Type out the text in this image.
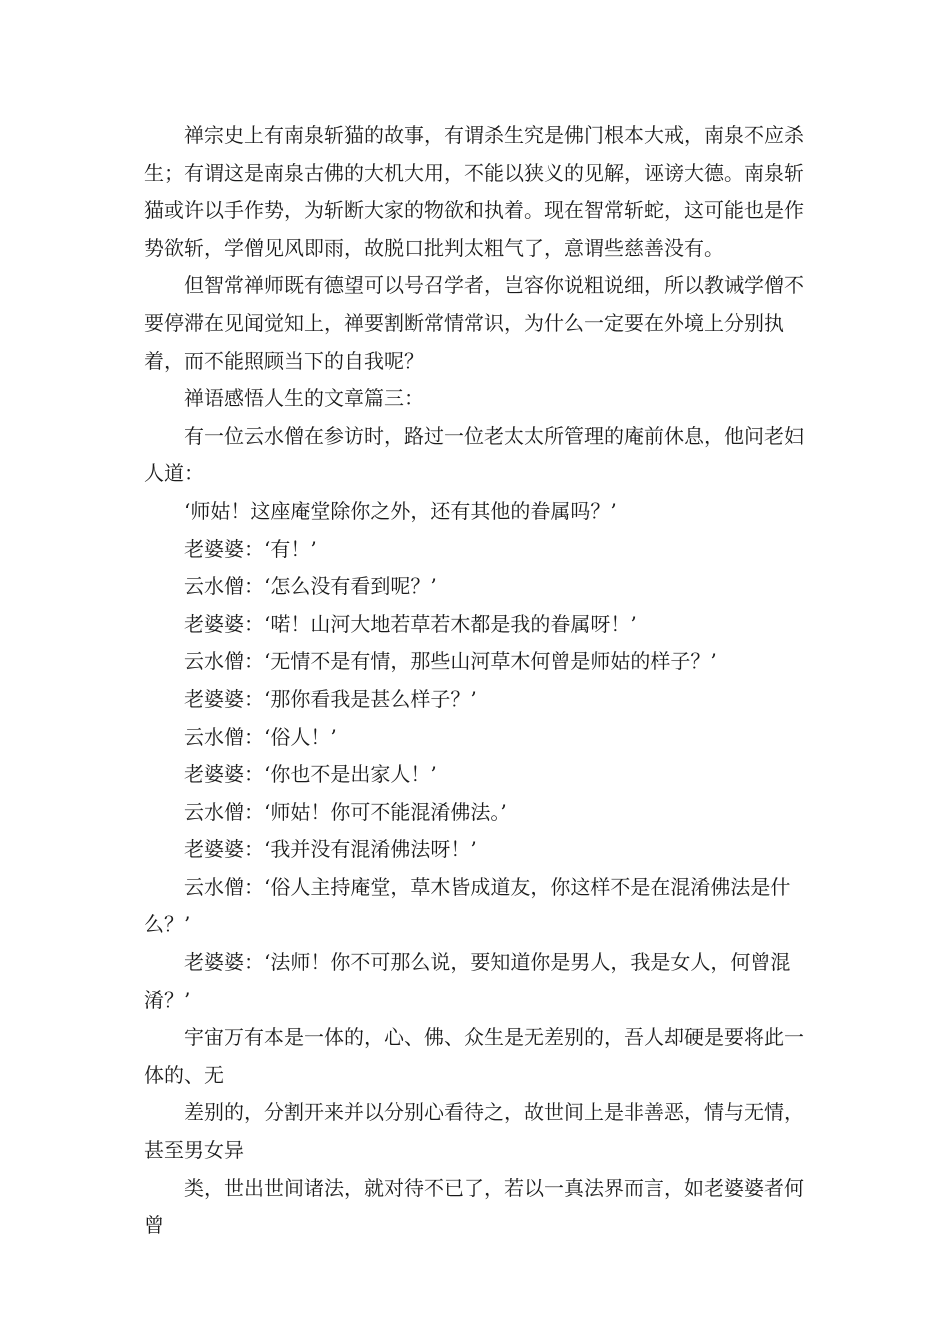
禅宗史上有南泉斩猫的故事，有谓杀生究是佛门根本大戒，南泉不应杀生；有谓这是南泉古佛的大机大用，不能以狭义的见解，诬谤大德。南泉斩猫或许以手作势，为斩断大家的物欲和执着。现在智常斩蛇，这可能也是作势欲斩，学僧见风即雨，故脱口批判太粗气了，意谓些慈善没有。

但智常禅师既有德望可以号召学者，岂容你说粗说细，所以教诫学僧不要停滞在见闻觉知上，禅要割断常情常识，为什么一定要在外境上分别执着，而不能照顾当下的自我呢？

禅语感悟人生的文章篇三：

有一位云水僧在参访时，路过一位老太太所管理的庵前休息，他问老妇人道：

‘师姑！这座庵堂除你之外，还有其他的眷属吗？’

老婆婆：‘有！’

云水僧：‘怎么没有看到呢？’

老婆婆：‘喏！山河大地若草若木都是我的眷属呀！’

云水僧：‘无情不是有情，那些山河草木何曾是师姑的样子？’

老婆婆：‘那你看我是甚么样子？’

云水僧：‘俗人！’

老婆婆：‘你也不是出家人！’

云水僧：‘师姑！你可不能混淆佛法。’

老婆婆：‘我并没有混淆佛法呀！’

云水僧：‘俗人主持庵堂，草木皆成道友，你这样不是在混淆佛法是什么？’

老婆婆：‘法师！你不可那么说，要知道你是男人，我是女人，何曾混淆？’

宇宙万有本是一体的，心、佛、众生是无差别的，吾人却硬是要将此一体的、无

差别的，分割开来并以分别心看待之，故世间上是非善恶，情与无情，甚至男女异

类，世出世间诸法，就对待不已了，若以一真法界而言，如老婆婆者何曾
